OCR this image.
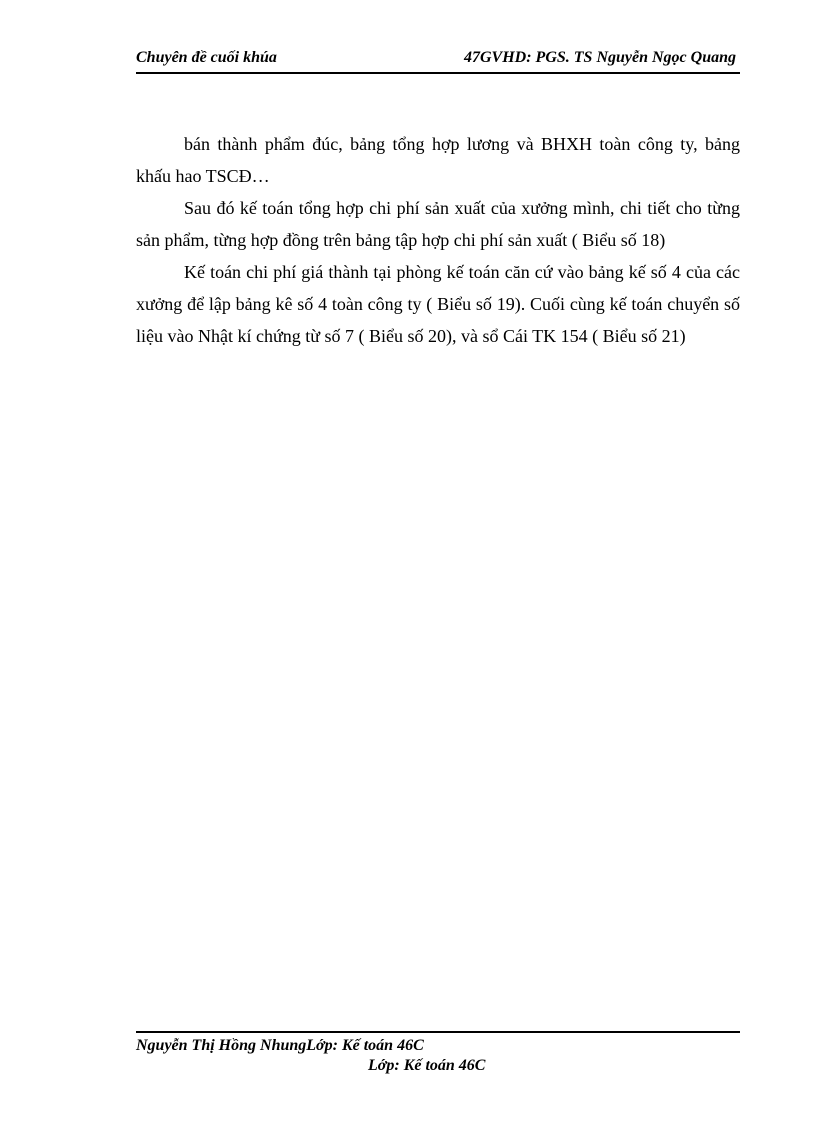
Chuyên đề cuối khúa	47GVHD: PGS. TS Nguyễn Ngọc Quang

bán thành phẩm đúc, bảng tổng hợp lương và BHXH toàn công ty, bảng khấu hao TSCĐ…

Sau đó kế toán tổng hợp chi phí sản xuất của xưởng mình, chi tiết cho từng sản phẩm, từng hợp đồng trên bảng tập hợp chi phí sản xuất ( Biểu số 18)

Kế toán chi phí giá thành tại phòng kế toán căn cứ vào bảng kế số 4 của các xưởng để lập bảng kê số 4 toàn công ty ( Biểu số 19). Cuối cùng kế toán chuyển số liệu vào Nhật kí chứng từ số 7 ( Biểu số 20), và sổ Cái TK 154 ( Biểu số 21)

Nguyễn Thị Hồng NhungLớp: Kế toán 46C
Lớp: Kế toán 46C
